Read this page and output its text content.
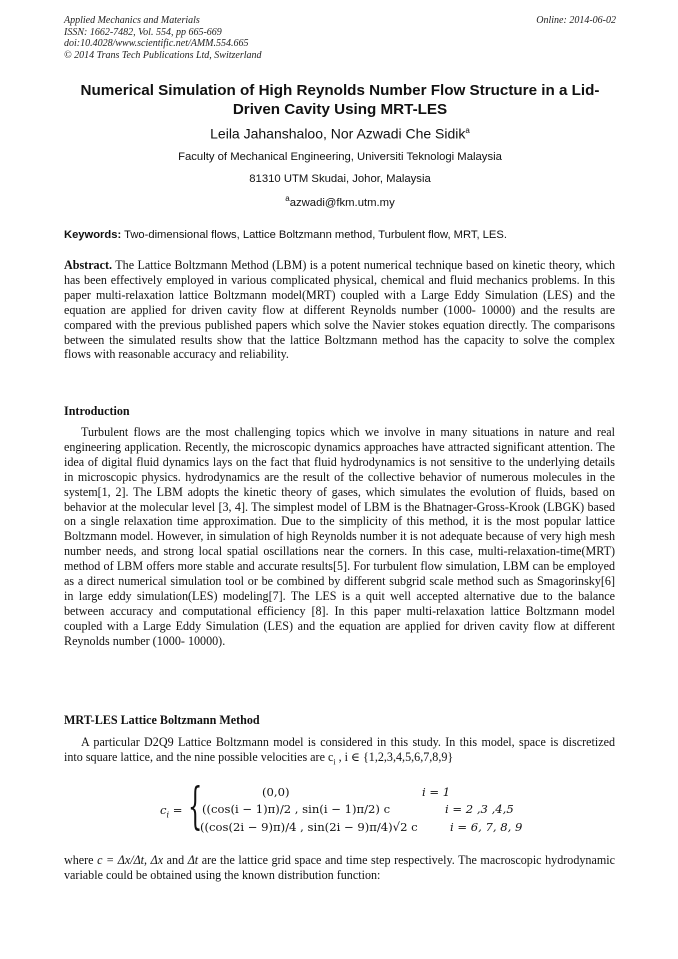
Applied Mechanics and Materials
ISSN: 1662-7482, Vol. 554, pp 665-669
doi:10.4028/www.scientific.net/AMM.554.665
© 2014 Trans Tech Publications Ltd, Switzerland
Online: 2014-06-02
Numerical Simulation of High Reynolds Number Flow Structure in a Lid-Driven Cavity Using MRT-LES
Leila Jahanshaloo, Nor Azwadi Che Sidik$^a$
Faculty of Mechanical Engineering, Universiti Teknologi Malaysia
81310 UTM Skudai, Johor, Malaysia
$^a$azwadi@fkm.utm.my
Keywords: Two-dimensional flows, Lattice Boltzmann method, Turbulent flow, MRT, LES.
Abstract. The Lattice Boltzmann Method (LBM) is a potent numerical technique based on kinetic theory, which has been effectively employed in various complicated physical, chemical and fluid mechanics problems. In this paper multi-relaxation lattice Boltzmann model(MRT) coupled with a Large Eddy Simulation (LES) and the equation are applied for driven cavity flow at different Reynolds number (1000- 10000) and the results are compared with the previous published papers which solve the Navier stokes equation directly. The comparisons between the simulated results show that the lattice Boltzmann method has the capacity to solve the complex flows with reasonable accuracy and reliability.
Introduction
Turbulent flows are the most challenging topics which we involve in many situations in nature and real engineering application. Recently, the microscopic dynamics approaches have attracted significant attention. The idea of digital fluid dynamics lays on the fact that fluid hydrodynamics is not sensitive to the underlying details in microscopic physics. hydrodynamics are the result of the collective behavior of numerous molecules in the system[1, 2]. The LBM adopts the kinetic theory of gases, which simulates the evolution of fluids, based on behavior at the molecular level [3, 4]. The simplest model of LBM is the Bhatnager-Gross-Krook (LBGK) based on a single relaxation time approximation. Due to the simplicity of this method, it is the most popular lattice Boltzmann model. However, in simulation of high Reynolds number it is not adequate because of very high mesh number needs, and strong local spatial oscillations near the corners. In this case, multi-relaxation-time(MRT) method of LBM offers more stable and accurate results[5]. For turbulent flow simulation, LBM can be employed as a direct numerical simulation tool or be combined by different subgrid scale method such as Smagorinsky[6] in large eddy simulation(LES) modeling[7]. The LES is a quit well accepted alternative due to the balance between accuracy and computational efficiency [8]. In this paper multi-relaxation lattice Boltzmann model coupled with a Large Eddy Simulation (LES) and the equation are applied for driven cavity flow at different Reynolds number (1000- 10000).
MRT-LES Lattice Boltzmann Method
A particular D2Q9 Lattice Boltzmann model is considered in this study. In this model, space is discretized into square lattice, and the nine possible velocities are $c_i$ , i ∈ {1,2,3,4,5,6,7,8,9}
$c_i$ = {	(0,0)	i = 1
((cos(i − 1)π)/2 , sin(i − 1)π/2) c	i = 2 ,3 ,4,5
((cos(2i − 9)π)/4 , sin(2i − 9)π/4)√2 c	i = 6, 7, 8, 9
where c = Δx/Δt, Δx and Δt are the lattice grid space and time step respectively. The macroscopic hydrodynamic variable could be obtained using the known distribution function:
